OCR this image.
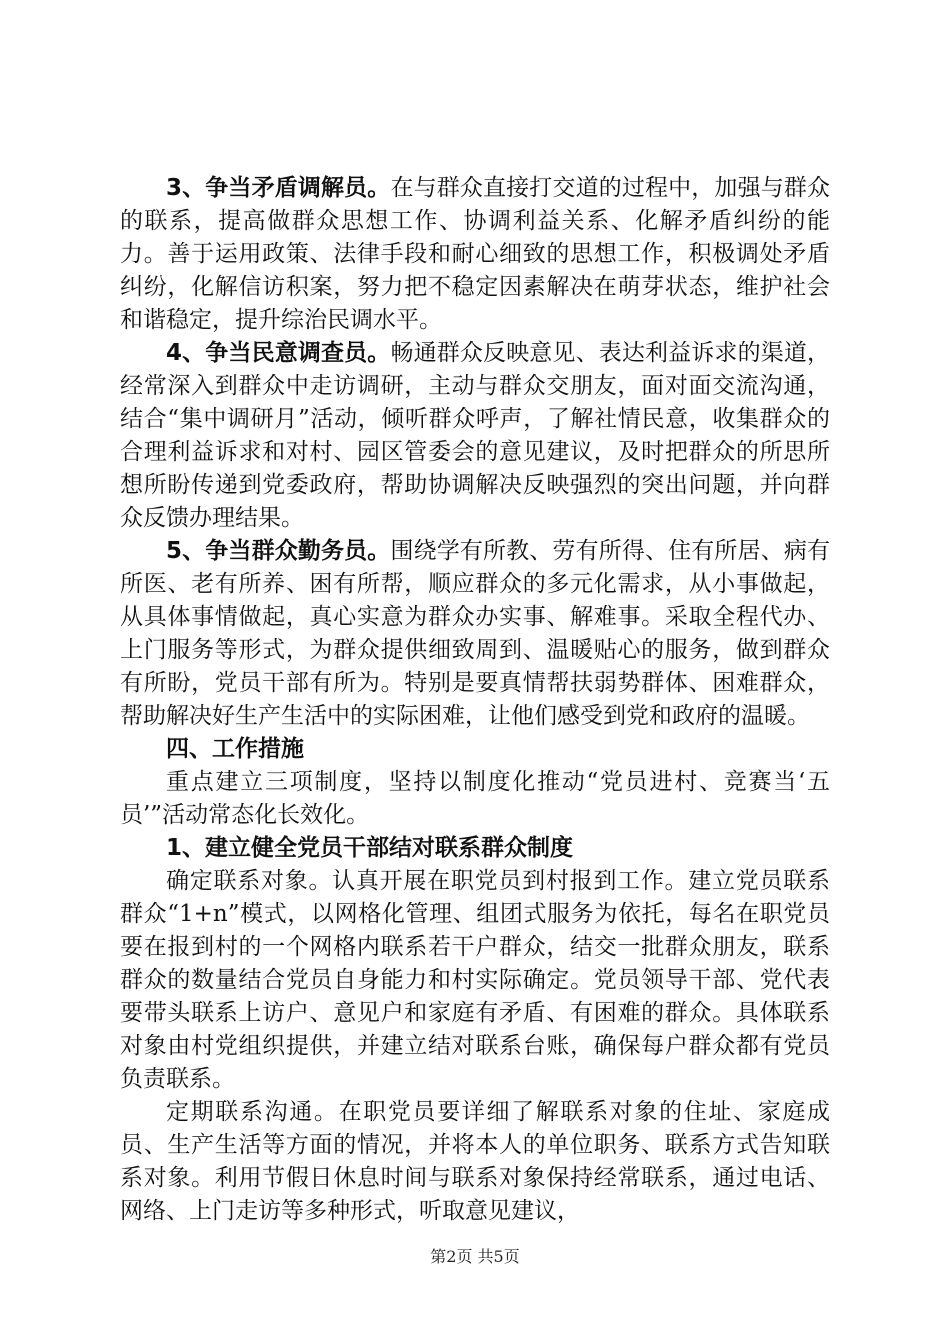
3、争当矛盾调解员。在与群众直接打交道的过程中，加强与群众的联系，提高做群众思想工作、协调利益关系、化解矛盾纠纷的能力。善于运用政策、法律手段和耐心细致的思想工作，积极调处矛盾纠纷，化解信访积案，努力把不稳定因素解决在萌芽状态，维护社会和谐稳定，提升综治民调水平。

4、争当民意调查员。畅通群众反映意见、表达利益诉求的渠道，经常深入到群众中走访调研，主动与群众交朋友，面对面交流沟通，结合“集中调研月”活动，倾听群众呼声，了解社情民意，收集群众的合理利益诉求和对村、园区管委会的意见建议，及时把群众的所思所想所盼传递到党委政府，帮助协调解决反映强烈的突出问题，并向群众反馈办理结果。

5、争当群众勤务员。围绕学有所教、劳有所得、住有所居、病有所医、老有所养、困有所帮，顺应群众的多元化需求，从小事做起，从具体事情做起，真心实意为群众办实事、解难事。采取全程代办、上门服务等形式，为群众提供细致周到、温暖贴心的服务，做到群众有所盼，党员干部有所为。特别是要真情帮扶弱势群体、困难群众，帮助解决好生产生活中的实际困难，让他们感受到党和政府的温暖。

四、工作措施

重点建立三项制度，坚持以制度化推动“党员进村、竞赛当‘五员’”活动常态化长效化。

1、建立健全党员干部结对联系群众制度

确定联系对象。认真开展在职党员到村报到工作。建立党员联系群众“1+n”模式，以网格化管理、组团式服务为依托，每名在职党员要在报到村的一个网格内联系若干户群众，结交一批群众朋友，联系群众的数量结合党员自身能力和村实际确定。党员领导干部、党代表要带头联系上访户、意见户和家庭有矛盾、有困难的群众。具体联系对象由村党组织提供，并建立结对联系台账，确保每户群众都有党员负责联系。

定期联系沟通。在职党员要详细了解联系对象的住址、家庭成员、生产生活等方面的情况，并将本人的单位职务、联系方式告知联系对象。利用节假日休息时间与联系对象保持经常联系，通过电话、网络、上门走访等多种形式，听取意见建议，

第2页 共5页
